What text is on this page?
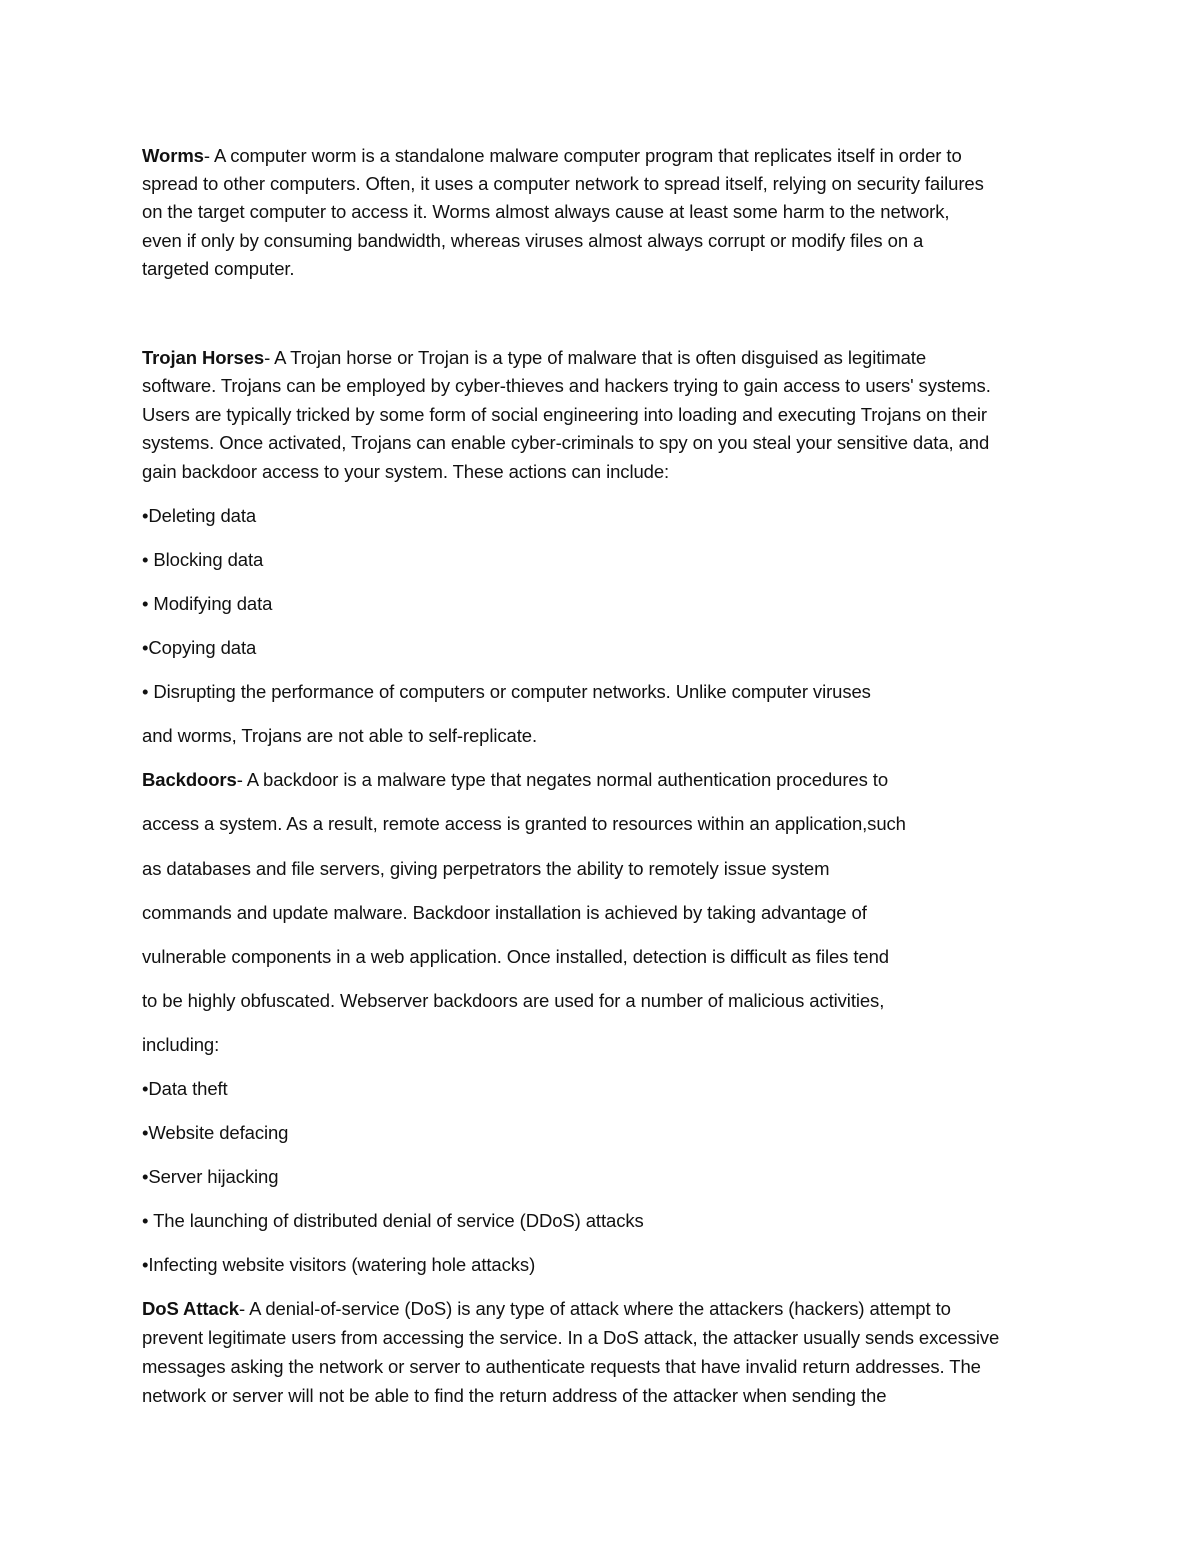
Worms- A computer worm is a standalone malware computer program that replicates itself in order to
spread to other computers. Often, it uses a computer network to spread itself, relying on security failures
on the target computer to access it. Worms almost always cause at least some harm to the network,
even if only by consuming bandwidth, whereas viruses almost always corrupt or modify files on a
targeted computer.
Trojan Horses- A Trojan horse or Trojan is a type of malware that is often disguised as legitimate
software. Trojans can be employed by cyber-thieves and hackers trying to gain access to users' systems.
Users are typically tricked by some form of social engineering into loading and executing Trojans on their
systems. Once activated, Trojans can enable cyber-criminals to spy on you steal your sensitive data, and
gain backdoor access to your system. These actions can include:
•Deleting data
• Blocking data
• Modifying data
•Copying data
• Disrupting the performance of computers or computer networks. Unlike computer viruses
and worms, Trojans are not able to self-replicate.
Backdoors- A backdoor is a malware type that negates normal authentication procedures to
access a system. As a result, remote access is granted to resources within an application,such
as databases and file servers, giving perpetrators the ability to remotely issue system
commands and update malware. Backdoor installation is achieved by taking advantage of
vulnerable components in a web application. Once installed, detection is difficult as files tend
to be highly obfuscated. Webserver backdoors are used for a number of malicious activities,
including:
•Data theft
•Website defacing
•Server hijacking
• The launching of distributed denial of service (DDoS) attacks
•Infecting website visitors (watering hole attacks)
DoS Attack- A denial-of-service (DoS) is any type of attack where the attackers (hackers) attempt to
prevent legitimate users from accessing the service. In a DoS attack, the attacker usually sends excessive
messages asking the network or server to authenticate requests that have invalid return addresses. The
network or server will not be able to find the return address of the attacker when sending the
